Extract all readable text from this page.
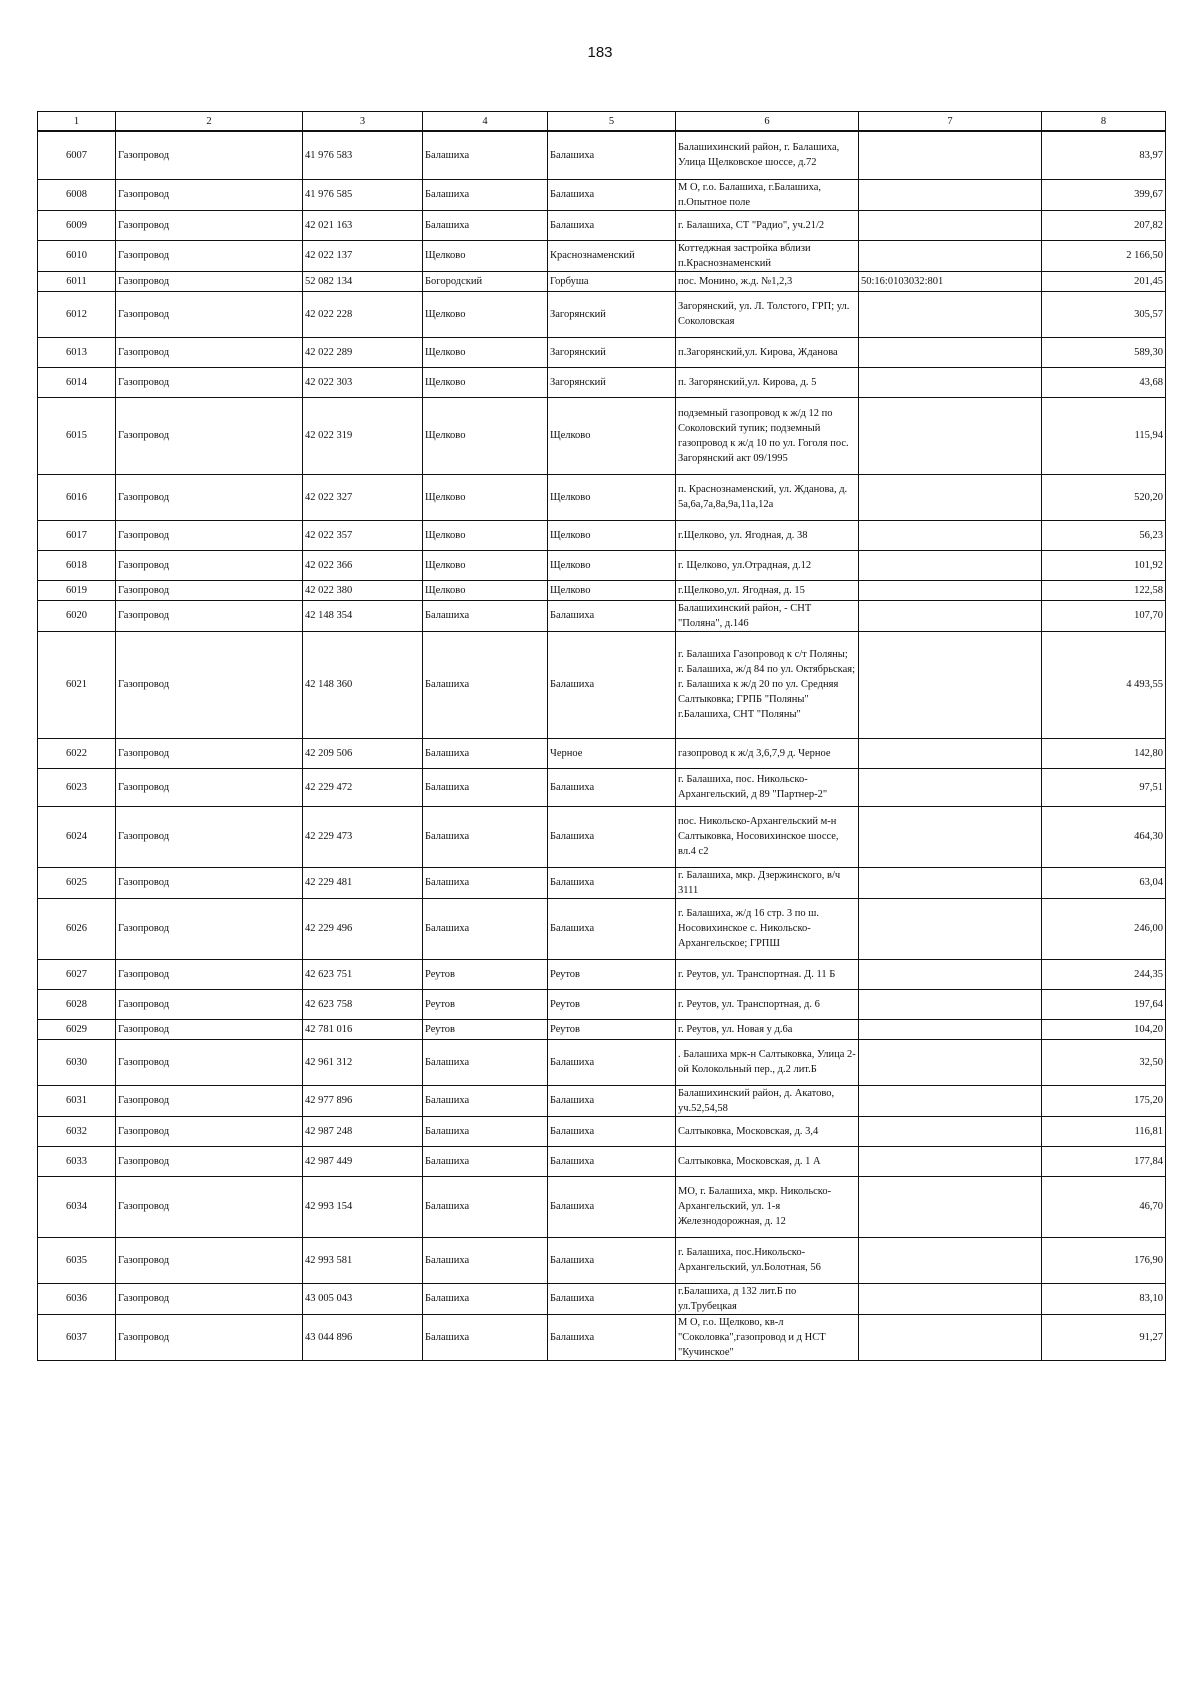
183
1	2	3	4	5	6	7	8
6007	Газопровод	41 976 583	Балашиха	Балашиха	Балашихинский район, г. Балашиха, Улица Щелковское шоссе, д.72		83,97
6008	Газопровод	41 976 585	Балашиха	Балашиха	М О, г.о. Балашиха, г.Балашиха, п.Опытное поле		399,67
6009	Газопровод	42 021 163	Балашиха	Балашиха	г. Балашиха, СТ "Радио", уч.21/2		207,82
6010	Газопровод	42 022 137	Щелково	Краснознаменский	Коттеджная застройка вблизи п.Краснознаменский		2 166,50
6011	Газопровод	52 082 134	Богородский	Горбуша	пос. Монино, ж.д. №1,2,3	50:16:0103032:801	201,45
6012	Газопровод	42 022 228	Щелково	Загорянский	Загорянский, ул. Л. Толстого, ГРП; ул. Соколовская		305,57
6013	Газопровод	42 022 289	Щелково	Загорянский	п.Загорянский,ул. Кирова, Жданова		589,30
6014	Газопровод	42 022 303	Щелково	Загорянский	п. Загорянский,ул. Кирова, д. 5		43,68
6015	Газопровод	42 022 319	Щелково	Щелково	подземный газопровод к ж/д 12 по Соколовский тупик; подземный газопровод к ж/д 10 по ул. Гоголя пос. Загорянский акт 09/1995		115,94
6016	Газопровод	42 022 327	Щелково	Щелково	п. Краснознаменский, ул. Жданова, д. 5а,6а,7а,8а,9а,11а,12а		520,20
6017	Газопровод	42 022 357	Щелково	Щелково	г.Щелково, ул. Ягодная, д. 38		56,23
6018	Газопровод	42 022 366	Щелково	Щелково	г. Щелково, ул.Отрадная, д.12		101,92
6019	Газопровод	42 022 380	Щелково	Щелково	г.Щелково,ул. Ягодная, д. 15		122,58
6020	Газопровод	42 148 354	Балашиха	Балашиха	Балашихинский район, - СНТ "Поляна", д.146		107,70
6021	Газопровод	42 148 360	Балашиха	Балашиха	г. Балашиха Газопровод к с/т Поляны; г. Балашиха, ж/д 84 по ул. Октябрьская; г. Балашиха к ж/д 20 по ул. Средняя Салтыковка; ГРПБ "Поляны" г.Балашиха, СНТ "Поляны"		4 493,55
6022	Газопровод	42 209 506	Балашиха	Черное	газопровод к ж/д 3,6,7,9 д. Черное		142,80
6023	Газопровод	42 229 472	Балашиха	Балашиха	г. Балашиха, пос. Никольско-Архангельский, д 89 "Партнер-2"		97,51
6024	Газопровод	42 229 473	Балашиха	Балашиха	пос. Никольско-Архангельский м-н Салтыковка, Носовихинское шоссе, вл.4 с2		464,30
6025	Газопровод	42 229 481	Балашиха	Балашиха	г. Балашиха, мкр. Дзержинского, в/ч 3111		63,04
6026	Газопровод	42 229 496	Балашиха	Балашиха	г. Балашиха, ж/д 16 стр. 3 по ш. Носовихинское с. Никольско-Архангельское; ГРПШ		246,00
6027	Газопровод	42 623 751	Реутов	Реутов	г. Реутов, ул. Транспортная. Д. 11 Б		244,35
6028	Газопровод	42 623 758	Реутов	Реутов	г. Реутов, ул. Транспортная, д. 6		197,64
6029	Газопровод	42 781 016	Реутов	Реутов	г. Реутов, ул. Новая у д.6а		104,20
6030	Газопровод	42 961 312	Балашиха	Балашиха	. Балашиха мрк-н Салтыковка, Улица 2-ой Колокольный пер., д.2 лит.Б		32,50
6031	Газопровод	42 977 896	Балашиха	Балашиха	Балашихинский район, д. Акатово, уч.52,54,58		175,20
6032	Газопровод	42 987 248	Балашиха	Балашиха	Салтыковка, Московская, д. 3,4		116,81
6033	Газопровод	42 987 449	Балашиха	Балашиха	Салтыковка, Московская, д. 1 А		177,84
6034	Газопровод	42 993 154	Балашиха	Балашиха	МО, г. Балашиха, мкр. Никольско-Архангельский, ул. 1-я Железнодорожная, д. 12		46,70
6035	Газопровод	42 993 581	Балашиха	Балашиха	г. Балашиха, пос.Никольско-Архангельский, ул.Болотная, 56		176,90
6036	Газопровод	43 005 043	Балашиха	Балашиха	г.Балашиха, д 132 лит.Б по ул.Трубецкая		83,10
6037	Газопровод	43 044 896	Балашиха	Балашиха	М О, г.о. Щелково, кв-л "Соколовка",газопровод и д НСТ "Кучинское"		91,27
